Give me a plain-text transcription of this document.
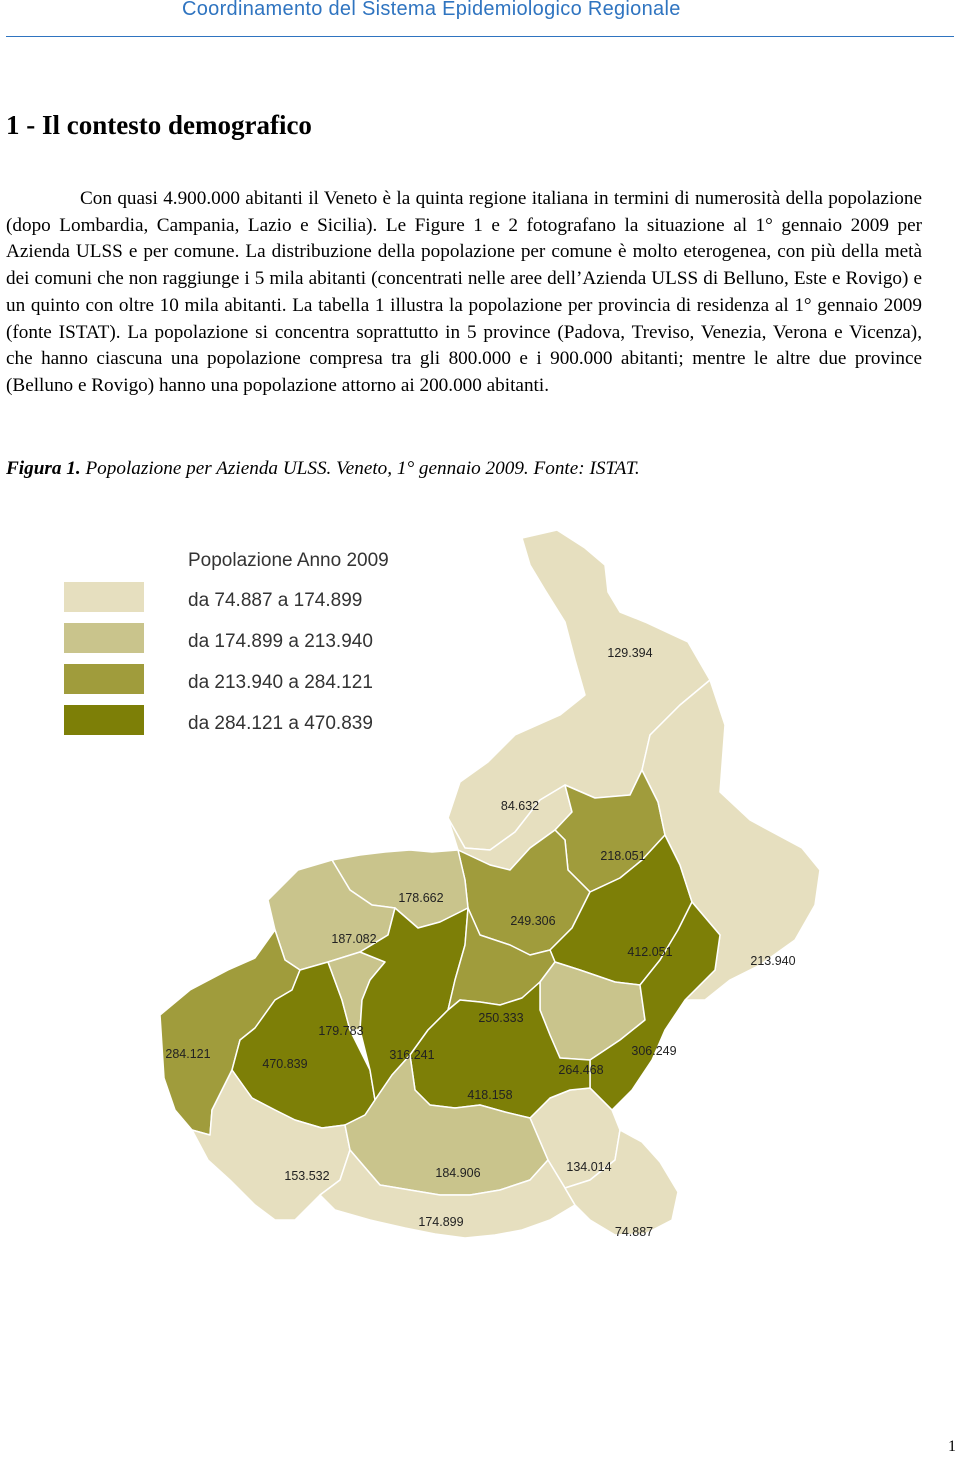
Coordinamento del Sistema Epidemiologico Regionale
1 - Il contesto demografico

Con quasi 4.900.000 abitanti il Veneto è la quinta regione italiana in termini di numerosità della popolazione (dopo Lombardia, Campania, Lazio e Sicilia). Le Figure 1 e 2 fotografano la situazione al 1° gennaio 2009 per Azienda ULSS e per comune. La distribuzione della popolazione per comune è molto eterogenea, con più della metà dei comuni che non raggiunge i 5 mila abitanti (concentrati nelle aree dell’Azienda ULSS di Belluno, Este e Rovigo) e un quinto con oltre 10 mila abitanti. La tabella 1 illustra la popolazione per provincia di residenza al 1° gennaio 2009 (fonte ISTAT). La popolazione si concentra soprattutto in 5 province (Padova, Treviso, Venezia, Verona e Vicenza), che hanno ciascuna una popolazione compresa tra gli 800.000 e i 900.000 abitanti; mentre le altre due province (Belluno e Rovigo) hanno una popolazione attorno ai 200.000 abitanti.

Figura 1. Popolazione per Azienda ULSS. Veneto, 1° gennaio 2009. Fonte: ISTAT.

Popolazione Anno 2009
da 74.887 a 174.899
da 174.899 a 213.940
da 213.940 a 284.121
da 284.121 a 470.839
129.394
84.632
218.051
178.662
187.082
249.306
412.051
213.940
250.333
179.783
284.121
470.839
316.241	306.249
264.468
418.158
134.014
153.532	184.906
174.899
74.887
1
